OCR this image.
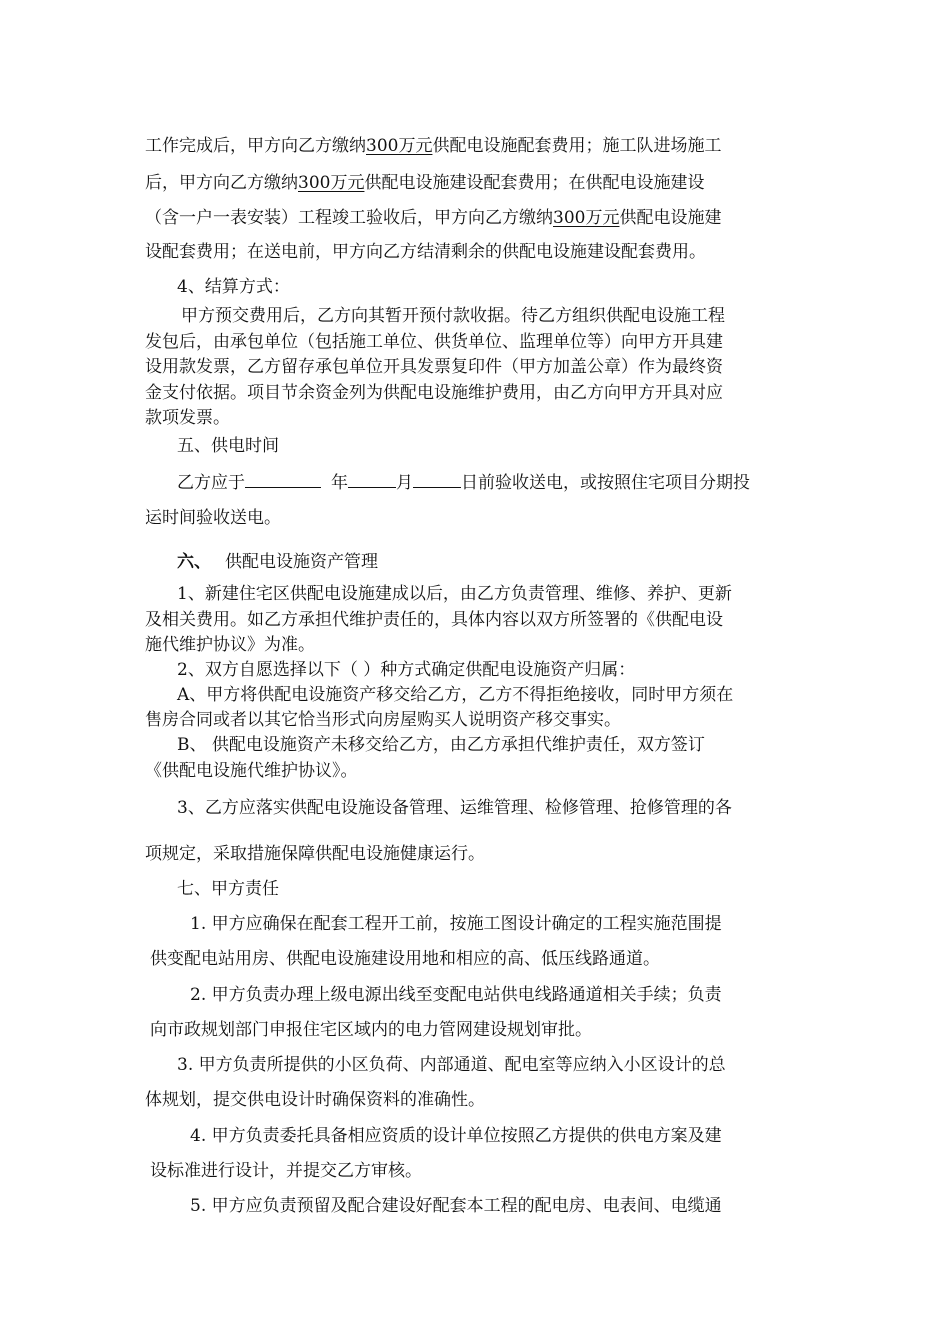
工作完成后，甲方向乙方缴纳300万元供配电设施配套费用；施工队进场施工
后，甲方向乙方缴纳300万元供配电设施建设配套费用；在供配电设施建设
（含一户一表安装）工程竣工验收后，甲方向乙方缴纳300万元供配电设施建
设配套费用；在送电前，甲方向乙方结清剩余的供配电设施建设配套费用。
4、结算方式：
甲方预交费用后，乙方向其暂开预付款收据。待乙方组织供配电设施工程
发包后，由承包单位（包括施工单位、供货单位、监理单位等）向甲方开具建
设用款发票，乙方留存承包单位开具发票复印件（甲方加盖公章）作为最终资
金支付依据。项目节余资金列为供配电设施维护费用，由乙方向甲方开具对应
款项发票。
五、供电时间
乙方应于	年	月	日前验收送电，或按照住宅项目分期投
运时间验收送电。
六、 供配电设施资产管理
1、新建住宅区供配电设施建成以后，由乙方负责管理、维修、养护、更新
及相关费用。如乙方承担代维护责任的，具体内容以双方所签署的《供配电设
施代维护协议》为准。
2、双方自愿选择以下（ ）种方式确定供配电设施资产归属：
A、甲方将供配电设施资产移交给乙方，乙方不得拒绝接收，同时甲方须在
售房合同或者以其它恰当形式向房屋购买人说明资产移交事实。
B、 供配电设施资产未移交给乙方，由乙方承担代维护责任，双方签订
《供配电设施代维护协议》。
3、乙方应落实供配电设施设备管理、运维管理、检修管理、抢修管理的各
项规定，采取措施保障供配电设施健康运行。
七、甲方责任
1. 甲方应确保在配套工程开工前，按施工图设计确定的工程实施范围提
供变配电站用房、供配电设施建设用地和相应的高、低压线路通道。
2. 甲方负责办理上级电源出线至变配电站供电线路通道相关手续；负责
向市政规划部门申报住宅区域内的电力管网建设规划审批。
3. 甲方负责所提供的小区负荷、内部通道、配电室等应纳入小区设计的总
体规划，提交供电设计时确保资料的准确性。
4. 甲方负责委托具备相应资质的设计单位按照乙方提供的供电方案及建
设标准进行设计，并提交乙方审核。
5. 甲方应负责预留及配合建设好配套本工程的配电房、电表间、电缆通
